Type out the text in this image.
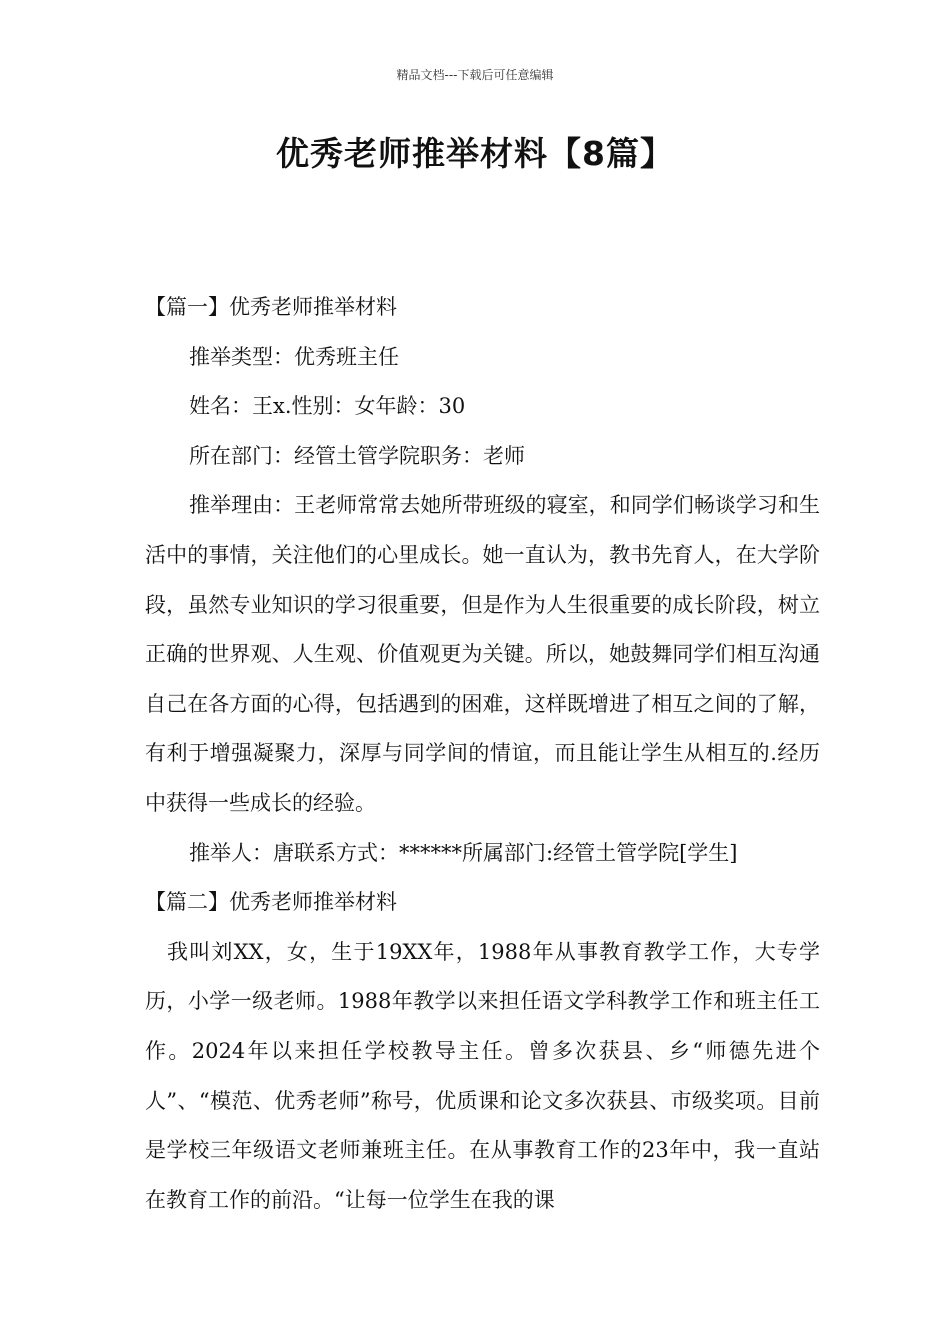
精品文档---下载后可任意编辑
优秀老师推举材料【8篇】

【篇一】优秀老师推举材料

推举类型：优秀班主任

姓名：王x.性别：女年龄：30

所在部门：经管土管学院职务：老师

推举理由：王老师常常去她所带班级的寝室，和同学们畅谈学习和生活中的事情，关注他们的心里成长。她一直认为，教书先育人，在大学阶段，虽然专业知识的学习很重要，但是作为人生很重要的成长阶段，树立正确的世界观、人生观、价值观更为关键。所以，她鼓舞同学们相互沟通自己在各方面的心得，包括遇到的困难，这样既增进了相互之间的了解，有利于增强凝聚力，深厚与同学间的情谊，而且能让学生从相互的.经历中获得一些成长的经验。

推举人：唐联系方式：******所属部门:经管土管学院[学生]

【篇二】优秀老师推举材料

我叫刘XX，女，生于19XX年，1988年从事教育教学工作，大专学历，小学一级老师。1988年教学以来担任语文学科教学工作和班主任工作。2024年以来担任学校教导主任。曾多次获县、乡“师德先进个人”、“模范、优秀老师”称号，优质课和论文多次获县、市级奖项。目前是学校三年级语文老师兼班主任。在从事教育工作的23年中，我一直站在教育工作的前沿。“让每一位学生在我的课
